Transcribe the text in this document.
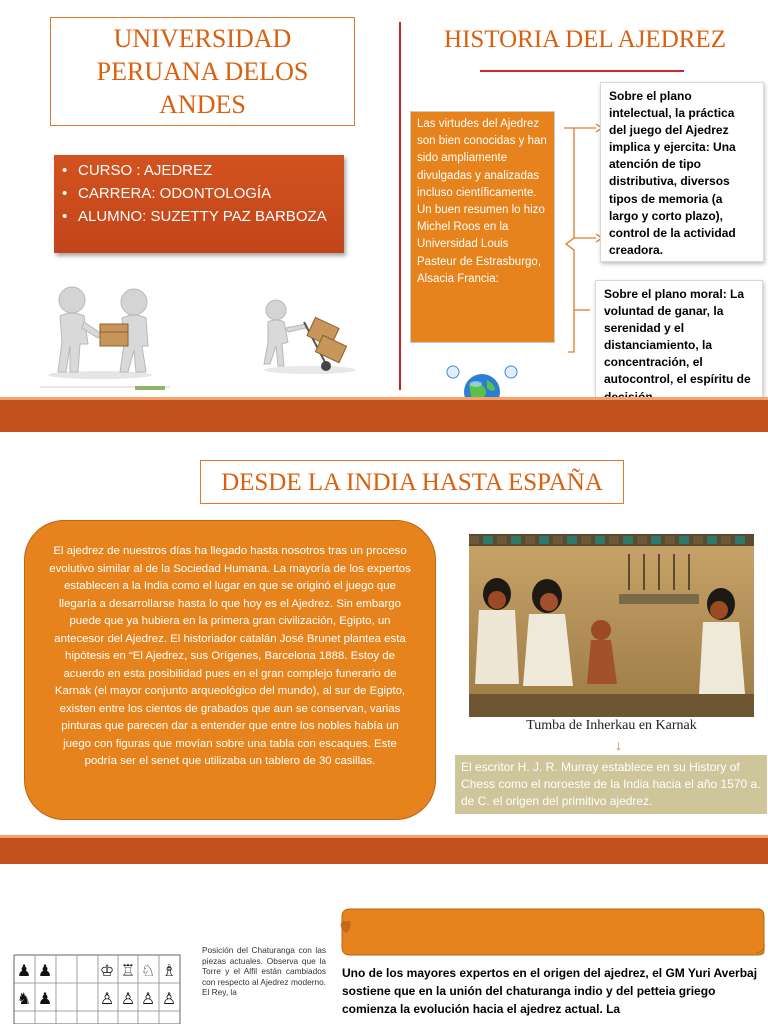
UNIVERSIDAD PERUANA DELOS ANDES
• CURSO : AJEDREZ
• CARRERA: ODONTOLOGÍA
• ALUMNO: SUZETTY PAZ BARBOZA
HISTORIA DEL AJEDREZ
Las virtudes del Ajedrez son bien conocidas y han sido ampliamente divulgadas y analizadas incluso científicamente. Un buen resumen lo hizo Michel Roos en la Universidad Louis Pasteur de Estrasburgo, Alsacia Francia:
Sobre el plano intelectual, la práctica del juego del Ajedrez implica y ejercita: Una atención de tipo distributiva, diversos tipos de memoria (a largo y corto plazo), control de la actividad creadora.
Sobre el plano moral: La voluntad de ganar, la serenidad y el distanciamiento, la concentración, el autocontrol, el espíritu de
DESDE LA INDIA HASTA ESPAÑA
El ajedrez de nuestros días ha llegado hasta nosotros tras un proceso evolutivo similar al de la Sociedad Humana. La mayoría de los expertos establecen a la India como el lugar en que se originó el juego que llegaría a desarrollarse hasta lo que hoy es el Ajedrez. Sin embargo puede que ya hubiera en la primera gran civilización, Egipto, un antecesor del Ajedrez. El historiador catalán José Brunet plantea esta hipótesis en “El Ajedrez, sus Orígenes, Barcelona 1888. Estoy de acuerdo en esta posibilidad pues en el gran complejo funerario de Karnak (el mayor conjunto arqueológico del mundo), al sur de Egipto, existen entre los cientos de grabados que aun se conservan, varias pinturas que parecen dar a entender que entre los nobles había un juego con figuras que movían sobre una tabla con escaques. Este podría ser el senet que utilizaba un tablero de 30 casillas.
Tumba de Inherkau en Karnak
↓
El escritor H. J. R. Murray establece en su History of Chess como el noroeste de la India hacia el año 1570 a. de C. el origen del primitivo ajedrez.
♟ ♟	♔ ♖ ♘ ♗
♞ ♟	♙ ♙ ♙ ♙
Posición del Chaturanga con las piezas actuales. Observa que la Torre y el Alfil están cambiados con respecto al Ajedrez moderno. El Rey, la
Uno de los mayores expertos en el origen del ajedrez, el GM Yuri Averbaj sostiene que en la unión del chaturanga indio y del petteia griego comienza la evolución hacia el ajedrez actual. La
